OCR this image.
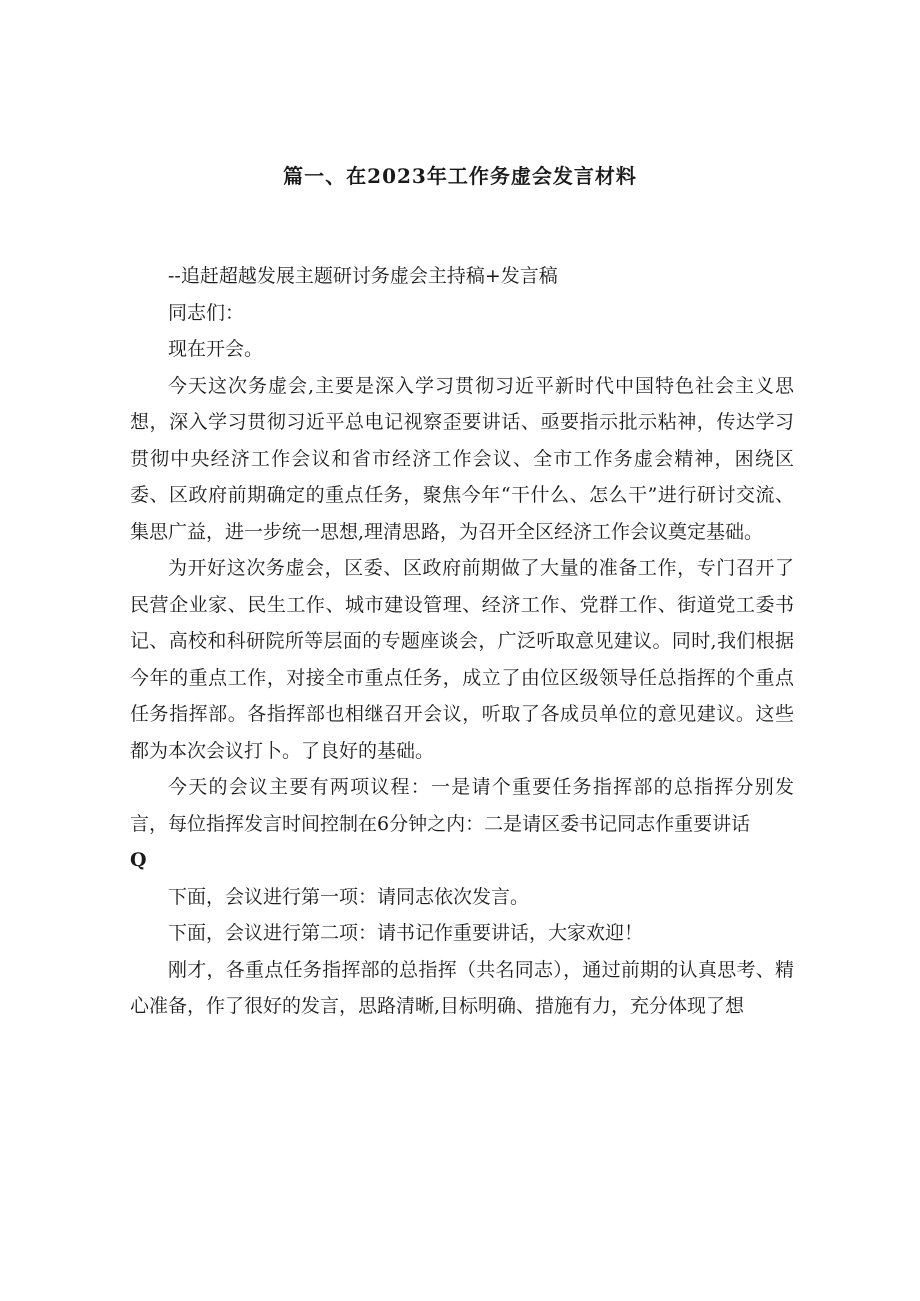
篇一、在2023年工作务虚会发言材料

--追赶超越发展主题研讨务虚会主持稿+发言稿

同志们：

现在开会。

今天这次务虚会,主要是深入学习贯彻习近平新时代中国特色社会主义思想，深入学习贯彻习近平总电记视察歪要讲话、亟要指示批示粘神，传达学习贯彻中央经济工作会议和省市经济工作会议、全市工作务虚会精神，困绕区委、区政府前期确定的重点任务，聚焦今年“干什么、怎么干”进行研讨交流、集思广益，进一步统一思想,理清思路，为召开全区经济工作会议奠定基础。

为开好这次务虚会，区委、区政府前期做了大量的准备工作，专门召开了民营企业家、民生工作、城市建设管理、经济工作、党群工作、街道党工委书记、高校和科研院所等层面的专题座谈会，广泛听取意见建议。同时,我们根据今年的重点工作，对接全市重点任务，成立了由位区级领导任总指挥的个重点任务指挥部。各指挥部也相继召开会议，听取了各成员单位的意见建议。这些都为本次会议打卜。了良好的基础。

今天的会议主要有两项议程：一是请个重要任务指挥部的总指挥分别发言，每位指挥发言时间控制在6分钟之内：二是请区委书记同志作重要讲话
Q

下面，会议进行第一项：请同志依次发言。

下面，会议进行第二项：请书记作重要讲话，大家欢迎！

刚才，各重点任务指挥部的总指挥（共名同志），通过前期的认真思考、精心准备，作了很好的发言，思路清晰,目标明确、措施有力，充分体现了想
